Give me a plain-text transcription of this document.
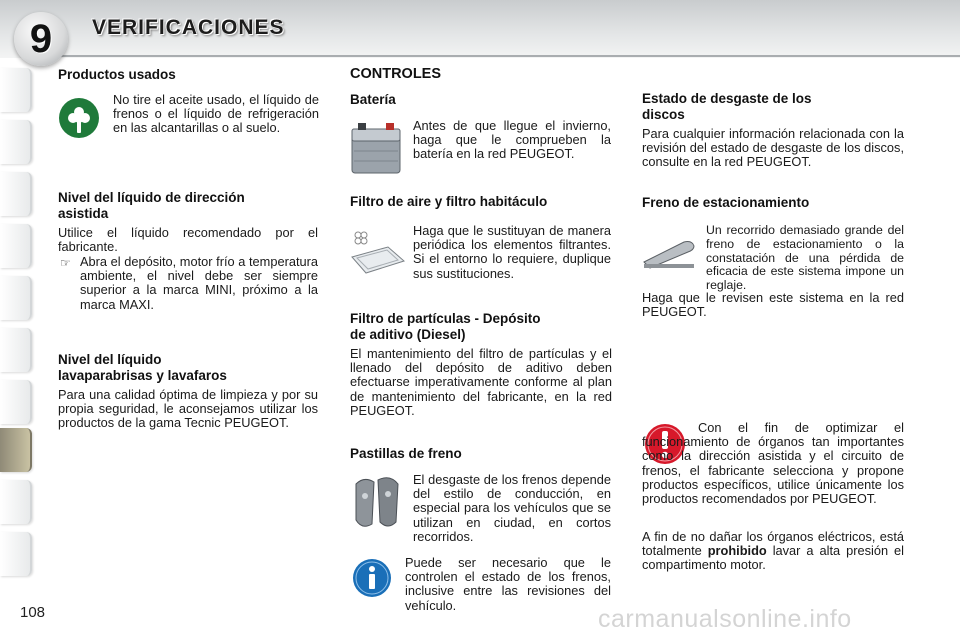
9 VERIFICACIONES
Productos usados
No tire el aceite usado, el líquido de frenos o el líquido de refrigeración en las alcantarillas o al suelo.
Nivel del líquido de dirección
asistida
Utilice el líquido recomendado por el fabricante.
☞ Abra el depósito, motor frío a temperatura ambiente, el nivel debe ser siempre superior a la marca MINI, próximo a la marca MAXI.
Nivel del líquido
lavaparabrisas y lavafaros
Para una calidad óptima de limpieza y por su propia seguridad, le aconsejamos utilizar los productos de la gama Tecnic PEUGEOT.
CONTROLES
Batería
Antes de que llegue el invierno, haga que le comprueben la batería en la red PEUGEOT.
Filtro de aire y filtro habitáculo
Haga que le sustituyan de manera periódica los elementos filtrantes. Si el entorno lo requiere, duplique sus sustituciones.
Filtro de partículas - Depósito
de aditivo (Diesel)
El mantenimiento del filtro de partículas y el llenado del depósito de aditivo deben efectuarse imperativamente conforme al plan de mantenimiento del fabricante, en la red PEUGEOT.
Pastillas de freno
El desgaste de los frenos depende del estilo de conducción, en especial para los vehículos que se utilizan en ciudad, en cortos recorridos.
Puede ser necesario que le controlen el estado de los frenos, inclusive entre las revisiones del vehículo.
Estado de desgaste de los
discos
Para cualquier información relacionada con la revisión del estado de desgaste de los discos, consulte en la red PEUGEOT.
Freno de estacionamiento
Un recorrido demasiado grande del freno de estacionamiento o la constatación de una pérdida de eficacia de este sistema impone un reglaje.
Haga que le revisen este sistema en la red PEUGEOT.
Con el fin de optimizar el funcionamiento de órganos tan importantes como la dirección asistida y el circuito de frenos, el fabricante selecciona y propone productos específicos, utilice únicamente los productos recomendados por PEUGEOT.
A fin de no dañar los órganos eléctricos, está totalmente prohibido lavar a alta presión el compartimento motor.
108	carmanualsonline.info
